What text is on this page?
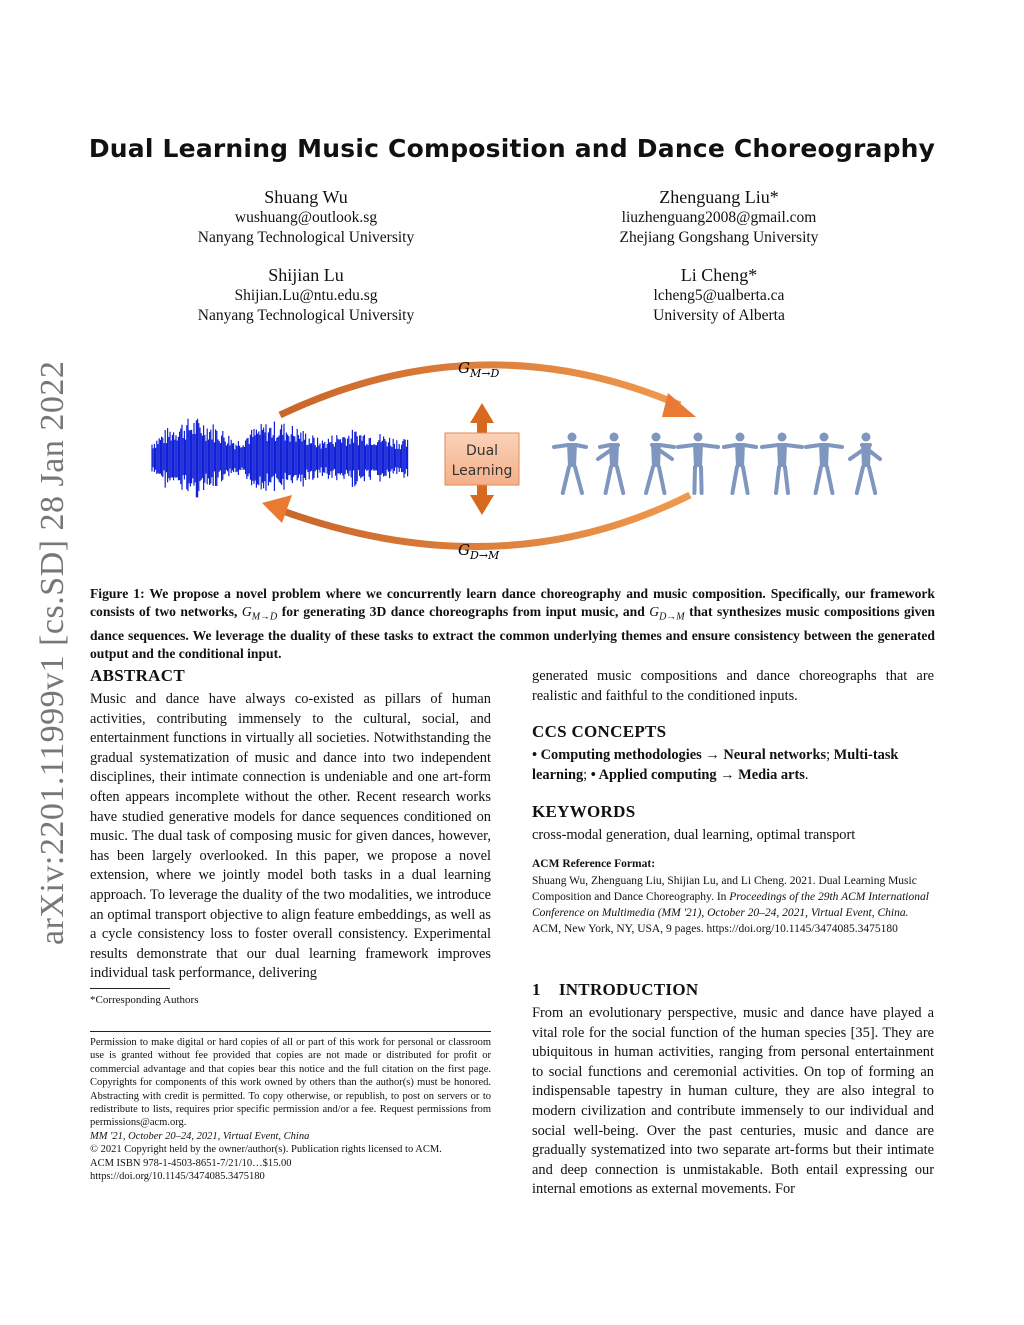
Dual Learning Music Composition and Dance Choreography
Shuang Wu
wushuang@outlook.sg
Nanyang Technological University
Zhenguang Liu*
liuzhenguang2008@gmail.com
Zhejiang Gongshang University
Shijian Lu
Shijian.Lu@ntu.edu.sg
Nanyang Technological University
Li Cheng*
lcheng5@ualberta.ca
University of Alberta
arXiv:2201.11999v1 [cs.SD] 28 Jan 2022	$G_{M\to D}$
$G_{D\to M}$
Dual
Learning
Figure 1: We propose a novel problem where we concurrently learn dance choreography and music composition. Specifically, our framework consists of two networks, $G_{M\to D}$ for generating 3D dance choreographs from input music, and $G_{D\to M}$ that synthesizes music compositions given dance sequences. We leverage the duality of these tasks to extract the common underlying themes and ensure consistency between the generated output and the conditional input.
ABSTRACT
Music and dance have always co-existed as pillars of human activities, contributing immensely to the cultural, social, and entertainment functions in virtually all societies. Notwithstanding the gradual systematization of music and dance into two independent disciplines, their intimate connection is undeniable and one art-form often appears incomplete without the other. Recent research works have studied generative models for dance sequences conditioned on music. The dual task of composing music for given dances, however, has been largely overlooked. In this paper, we propose a novel extension, where we jointly model both tasks in a dual learning approach. To leverage the duality of the two modalities, we introduce an optimal transport objective to align feature embeddings, as well as a cycle consistency loss to foster overall consistency. Experimental results demonstrate that our dual learning framework improves individual task performance, delivering
*Corresponding Authors
Permission to make digital or hard copies of all or part of this work for personal or classroom use is granted without fee provided that copies are not made or distributed for profit or commercial advantage and that copies bear this notice and the full citation on the first page. Copyrights for components of this work owned by others than the author(s) must be honored. Abstracting with credit is permitted. To copy otherwise, or republish, to post on servers or to redistribute to lists, requires prior specific permission and/or a fee. Request permissions from permissions@acm.org.
MM '21, October 20–24, 2021, Virtual Event, China
© 2021 Copyright held by the owner/author(s). Publication rights licensed to ACM.
ACM ISBN 978-1-4503-8651-7/21/10…$15.00
https://doi.org/10.1145/3474085.3475180
generated music compositions and dance choreographs that are realistic and faithful to the conditioned inputs.
CCS CONCEPTS
• Computing methodologies → Neural networks; Multi-task learning; • Applied computing → Media arts.
KEYWORDS
cross-modal generation, dual learning, optimal transport
ACM Reference Format:
Shuang Wu, Zhenguang Liu, Shijian Lu, and Li Cheng. 2021. Dual Learning Music Composition and Dance Choreography. In Proceedings of the 29th ACM International Conference on Multimedia (MM '21), October 20–24, 2021, Virtual Event, China. ACM, New York, NY, USA, 9 pages. https://doi.org/10.1145/3474085.3475180
1 INTRODUCTION
From an evolutionary perspective, music and dance have played a vital role for the social function of the human species [35]. They are ubiquitous in human activities, ranging from personal entertainment to social functions and ceremonial activities. On top of forming an indispensable tapestry in human culture, they are also integral to modern civilization and contribute immensely to our individual and social well-being. Over the past centuries, music and dance are gradually systematized into two separate art-forms but their intimate and deep connection is unmistakable. Both entail expressing our internal emotions as external movements. For
